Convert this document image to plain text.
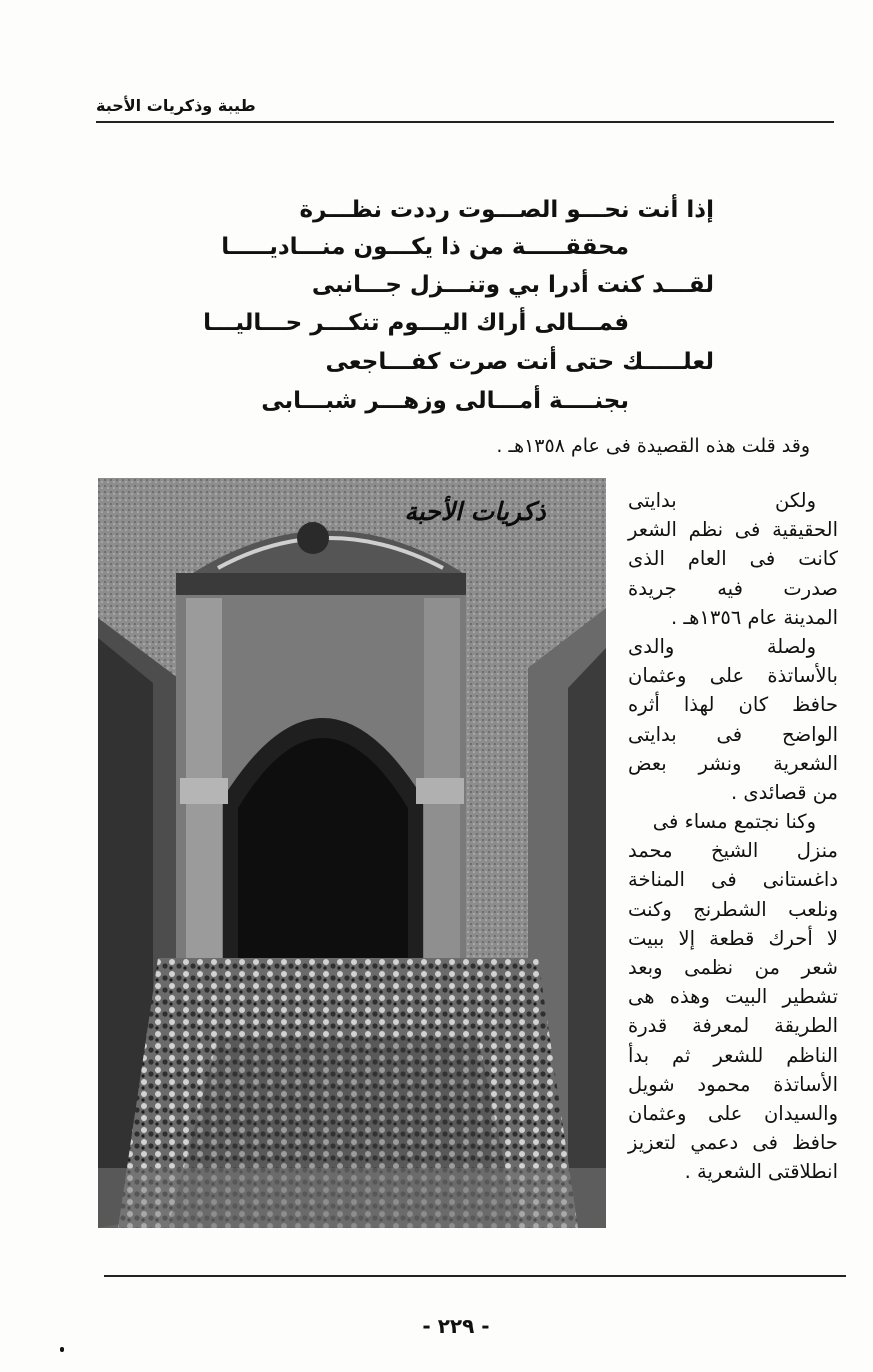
طيبة وذكريات الأحبة
إذا أنت نحـــو الصـــوت رددت نظـــرة
محققـــــة من ذا يكـــون منـــاديـــــا
لقـــد كنت أدرا بي وتنـــزل جـــانبى
فمـــالى أراك اليـــوم تنكـــر حـــاليـــا
لعلـــــك حتى أنت صرت كفـــاجعى
بجنــــة أمـــالى وزهـــر شبـــابى
وقد قلت هذه القصيدة فى عام ١٣٥٨هـ .
ذكريات الأحبة	ولكن بدايتى
الحقيقية فى نظم الشعر
كانت فى العام الذى
صدرت فيه جريدة
المدينة عام ١٣٥٦هـ .
ولصلة والدى
بالأساتذة على وعثمان
حافظ كان لهذا أثره
الواضح فى بدايتى
الشعرية ونشر بعض
من قصائدى .
وكنا نجتمع مساء فى
منزل الشيخ محمد
داغستانى فى المناخة
ونلعب الشطرنج وكنت
لا أحرك قطعة إلا ببيت
شعر من نظمى وبعد
تشطير البيت وهذه هى
الطريقة لمعرفة قدرة
الناظم للشعر ثم بدأ
الأساتذة محمود شويل
والسيدان على وعثمان
حافظ فى دعمي لتعزيز
انطلاقتى الشعرية .
- ٢٢٩ -
